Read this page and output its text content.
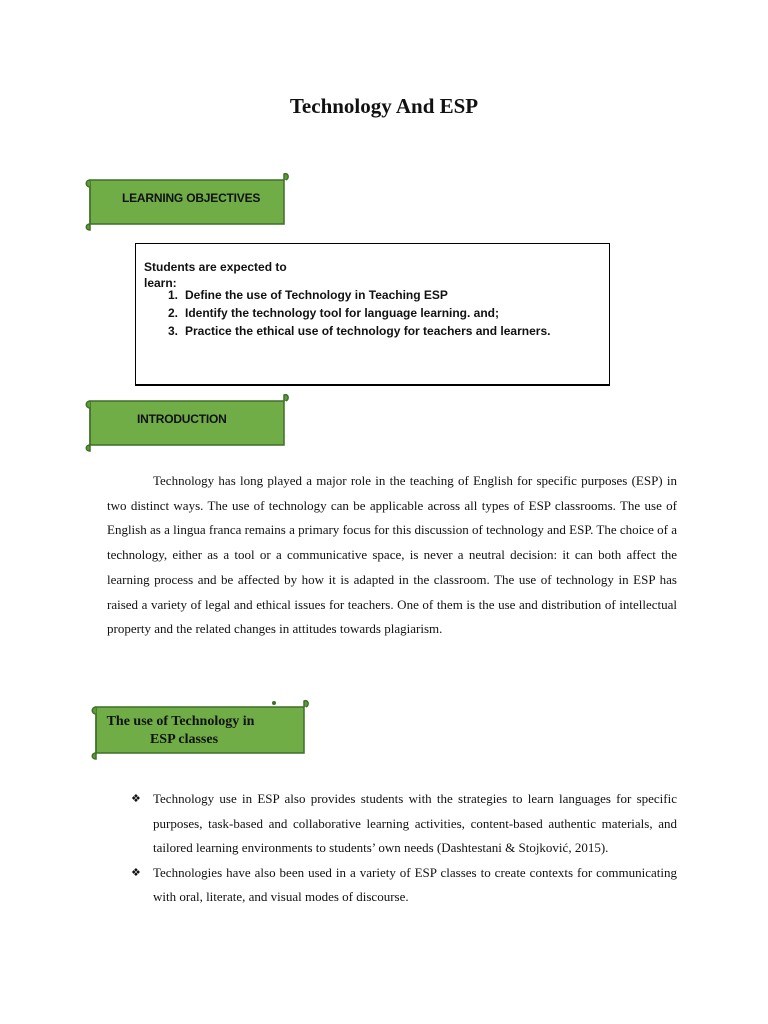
Technology And ESP
LEARNING OBJECTIVES
Students are expected to learn:
1. Define the use of Technology in Teaching ESP
2. Identify the technology tool for language learning. and;
3. Practice the ethical use of technology for teachers and learners.
INTRODUCTION

Technology has long played a major role in the teaching of English for specific purposes (ESP) in two distinct ways. The use of technology can be applicable across all types of ESP classrooms. The use of English as a lingua franca remains a primary focus for this discussion of technology and ESP. The choice of a technology, either as a tool or a communicative space, is never a neutral decision: it can both affect the learning process and be affected by how it is adapted in the classroom. The use of technology in ESP has raised a variety of legal and ethical issues for teachers. One of them is the use and distribution of intellectual property and the related changes in attitudes towards plagiarism.

The use of Technology in
ESP classes
❖ Technology use in ESP also provides students with the strategies to learn languages for specific purposes, task-based and collaborative learning activities, content-based authentic materials, and tailored learning environments to students’ own needs (Dashtestani & Stojković, 2015).
❖ Technologies have also been used in a variety of ESP classes to create contexts for communicating with oral, literate, and visual modes of discourse.
